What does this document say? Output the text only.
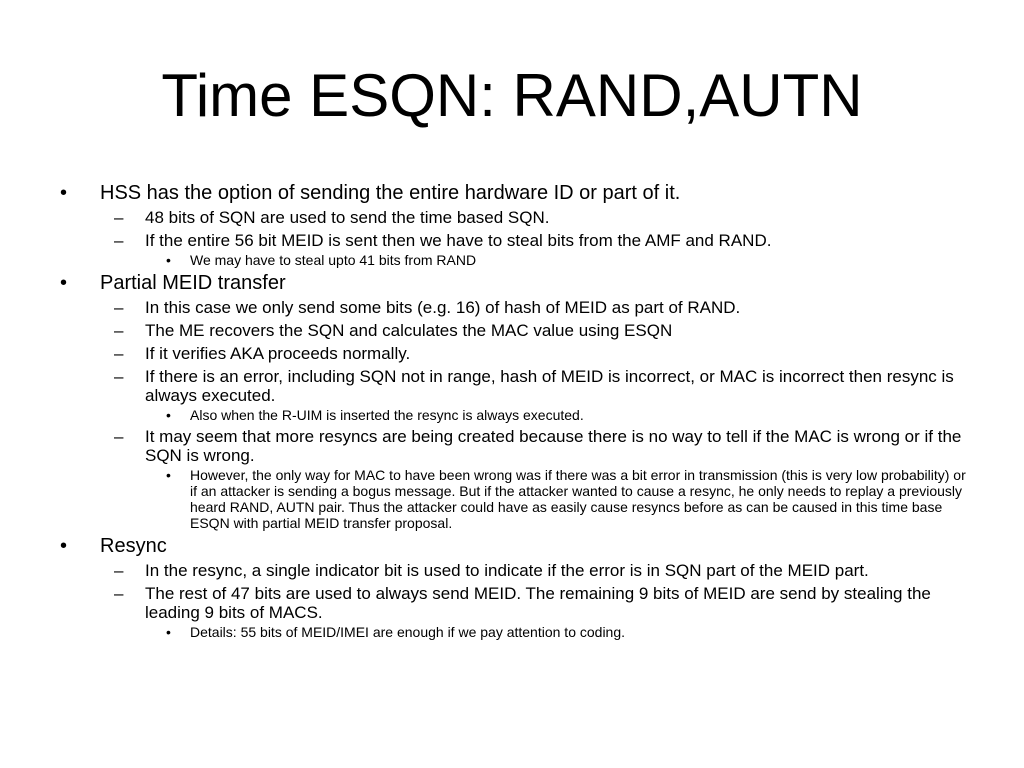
Time ESQN: RAND,AUTN
• HSS has the option of sending the entire hardware ID or part of it.
– 48 bits of SQN are used to send the time based SQN.
– If the entire 56 bit MEID is sent then we have to steal bits from the AMF and RAND.
• We may have to steal upto 41 bits from RAND
• Partial MEID transfer
– In this case we only send some bits (e.g. 16) of hash of MEID as part of RAND.
– The ME recovers the SQN and calculates the MAC value using ESQN
– If it verifies AKA proceeds normally.
– If there is an error, including SQN not in range, hash of MEID is incorrect, or MAC is incorrect then resync is always executed.
• Also when the R-UIM is inserted the resync is always executed.
– It may seem that more resyncs are being created because there is no way to tell if the MAC is wrong or if the SQN is wrong.
• However, the only way for MAC to have been wrong was if there was a bit error in transmission (this is very low probability) or if an attacker is sending a bogus message. But if the attacker wanted to cause a resync, he only needs to replay a previously heard RAND, AUTN pair. Thus the attacker could have as easily cause resyncs before as can be caused in this time base ESQN with partial MEID transfer proposal.
• Resync
– In the resync, a single indicator bit is used to indicate if the error is in SQN part of the MEID part.
– The rest of 47 bits are used to always send MEID. The remaining 9 bits of MEID are send by stealing the leading 9 bits of MACS.
• Details: 55 bits of MEID/IMEI are enough if we pay attention to coding.
